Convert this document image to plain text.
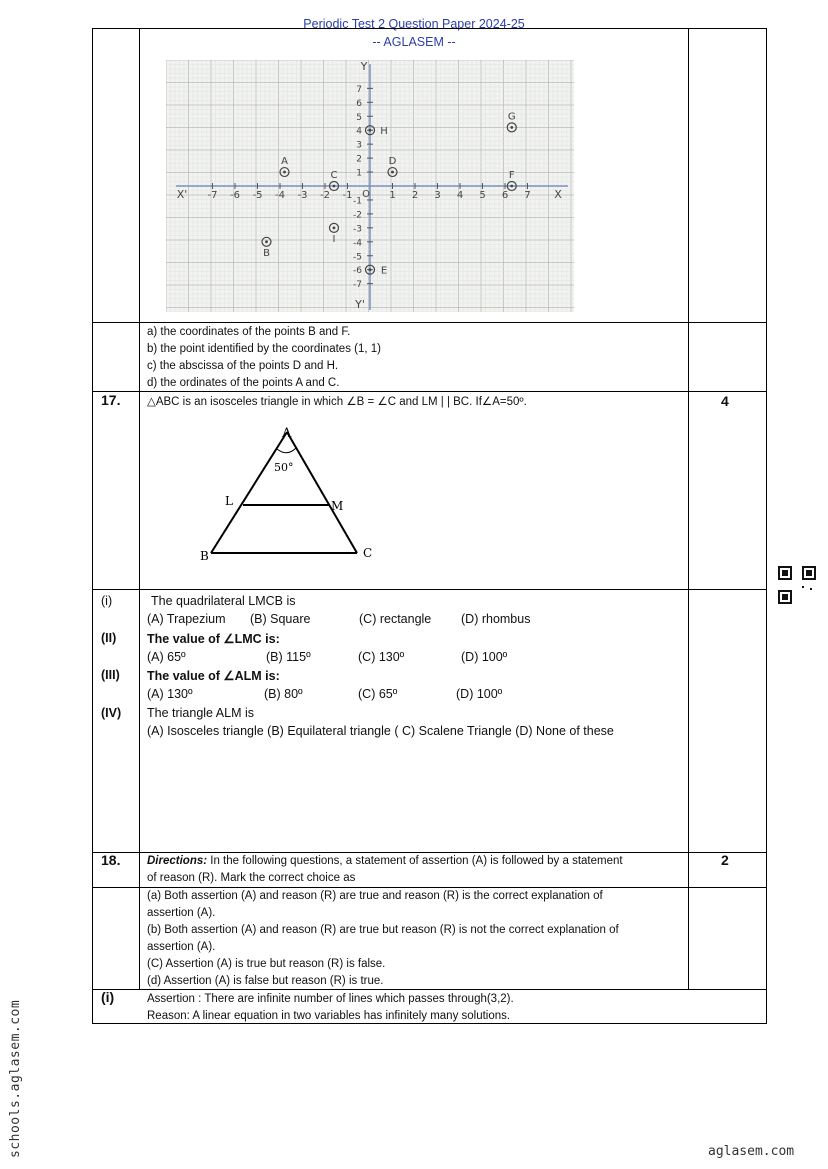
Periodic Test 2 Question Paper 2024-25
-- AGLASEM --
X'	X
Y
Y'
O
-7 -6 -5 -4 -3 -2 -1	1 2 3 4 5 6 7
7
6
5
4
3
2
1
-1
-2
-3
-4
-5
-6
-7
A
B
C
D
E
F
G
H
I
a) the coordinates of the points B and F.
b) the point identified by the coordinates (1, 1)
c) the abscissa of the points D and H.
d) the ordinates of the points A and C.
17.	4
△ABC is an isosceles triangle in which ∠B = ∠C and LM | | BC. If∠A=50º.
A
B	C
L	M
50°
(i)	The quadrilateral LMCB is
(A) Trapezium (B) Square	(C) rectangle (D) rhombus
(II) The value of ∠LMC is:
(A) 65º	(B) 115º	(C) 130º	(D) 100º
(III) The value of ∠ALM is:
(A) 130º	(B) 80º	(C) 65º	(D) 100º
(IV) The triangle ALM is
(A) Isosceles triangle (B) Equilateral triangle ( C) Scalene Triangle (D) None of these
18.	2
Directions: In the following questions, a statement of assertion (A) is followed by a statement
of reason (R). Mark the correct choice as
(a) Both assertion (A) and reason (R) are true and reason (R) is the correct explanation of
assertion (A).
(b) Both assertion (A) and reason (R) are true but reason (R) is not the correct explanation of
assertion (A).
(C) Assertion (A) is true but reason (R) is false.
(d) Assertion (A) is false but reason (R) is true.
(i)	Assertion : There are infinite number of lines which passes through(3,2).
Reason: A linear equation in two variables has infinitely many solutions.
schools.aglasem.com	aglasem.com
